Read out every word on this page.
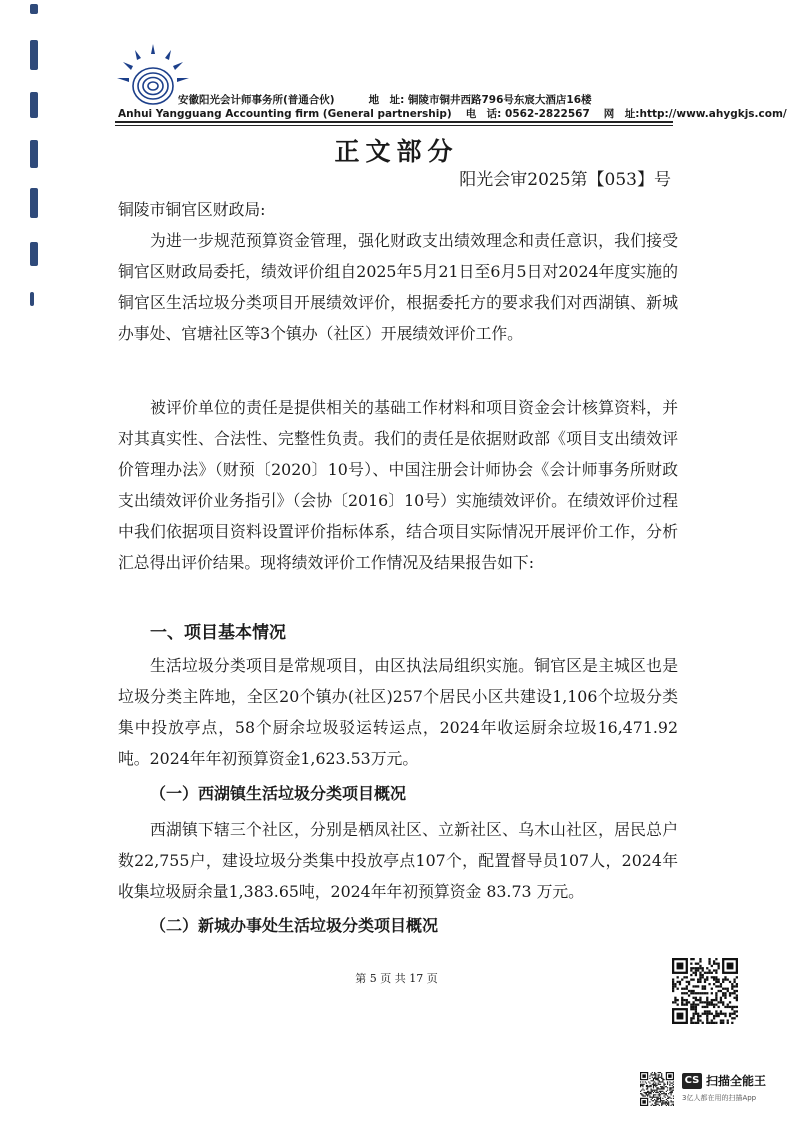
安徽阳光会计师事务所(普通合伙)	地　址: 铜陵市铜井西路796号东宸大酒店16楼
Anhui Yangguang Accounting firm (General partnership) 电　话: 0562-2822567 网　址:http://www.ahygkjs.com/
正文部分
阳光会审2025第【053】号

铜陵市铜官区财政局:

为进一步规范预算资金管理，强化财政支出绩效理念和责任意识，我们接受铜官区财政局委托，绩效评价组自2025年5月21日至6月5日对2024年度实施的铜官区生活垃圾分类项目开展绩效评价，根据委托方的要求我们对西湖镇、新城办事处、官塘社区等3个镇办（社区）开展绩效评价工作。

被评价单位的责任是提供相关的基础工作材料和项目资金会计核算资料，并对其真实性、合法性、完整性负责。我们的责任是依据财政部《项目支出绩效评价管理办法》（财预〔2020〕10号）、中国注册会计师协会《会计师事务所财政支出绩效评价业务指引》（会协〔2016〕10号）实施绩效评价。在绩效评价过程中我们依据项目资料设置评价指标体系，结合项目实际情况开展评价工作，分析汇总得出评价结果。现将绩效评价工作情况及结果报告如下:

一、项目基本情况

生活垃圾分类项目是常规项目，由区执法局组织实施。铜官区是主城区也是垃圾分类主阵地，全区20个镇办(社区)257个居民小区共建设1,106个垃圾分类集中投放亭点，58个厨余垃圾驳运转运点，2024年收运厨余垃圾16,471.92吨。2024年年初预算资金1,623.53万元。

（一）西湖镇生活垃圾分类项目概况

西湖镇下辖三个社区，分别是栖凤社区、立新社区、乌木山社区，居民总户数22,755户，建设垃圾分类集中投放亭点107个，配置督导员107人，2024年收集垃圾厨余量1,383.65吨，2024年年初预算资金 83.73 万元。

（二）新城办事处生活垃圾分类项目概况
第 5 页 共 17 页
CS 扫描全能王
3亿人都在用的扫描App
